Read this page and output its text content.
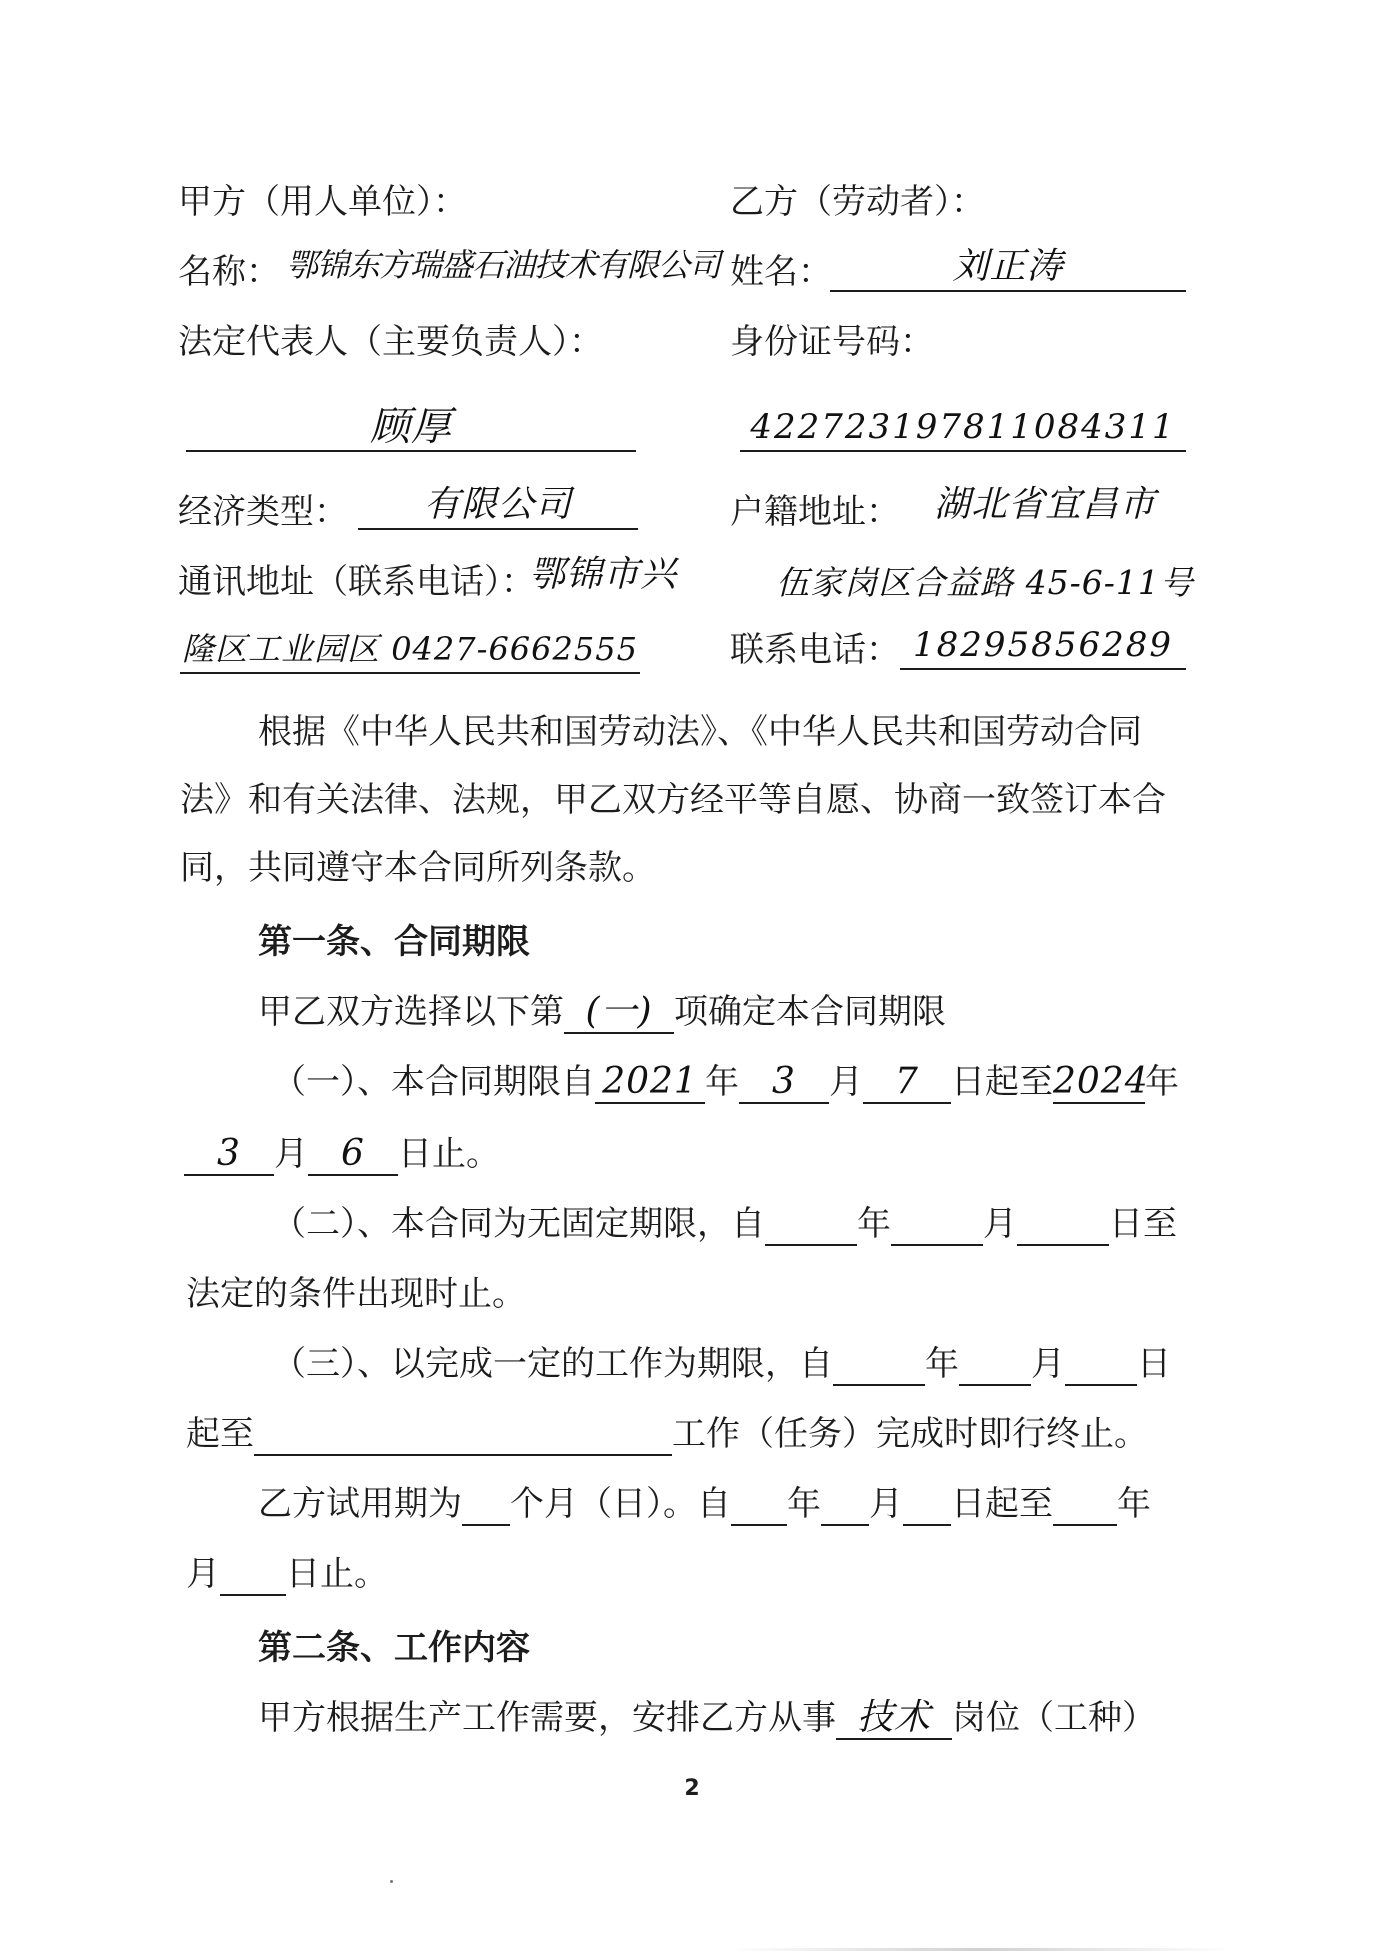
甲方（用人单位）：	乙方（劳动者）：
名称： 鄂锦东方瑞盛石油技术有限公司 姓名：	刘正涛
法定代表人（主要负责人）：	身份证号码：
顾厚	422723197811084311
经济类型：	有限公司	户籍地址： 湖北省宜昌市
通讯地址（联系电话）：
鄂锦市兴	伍家岗区合益路 45-6-11号
隆区工业园区 0427-6662555	联系电话： 18295856289
根据《中华人民共和国劳动法》、《中华人民共和国劳动合同
法》和有关法律、法规，甲乙双方经平等自愿、协商一致签订本合
同，共同遵守本合同所列条款。
第一条、合同期限
甲乙双方选择以下第 (一) 项确定本合同期限
（一）、本合同期限自 2021 年 3 月 7 日起至2024年
3 月 6 日止。
（二）、本合同为无固定期限，自	年	月	日至
法定的条件出现时止。
（三）、以完成一定的工作为期限，自	年 月 日
起至	工作（任务）完成时即行终止。
乙方试用期为 个月（日）。自 年 月 日起至 年
月 日止。
第二条、工作内容
甲方根据生产工作需要，安排乙方从事 技术 岗位（工种）
2
